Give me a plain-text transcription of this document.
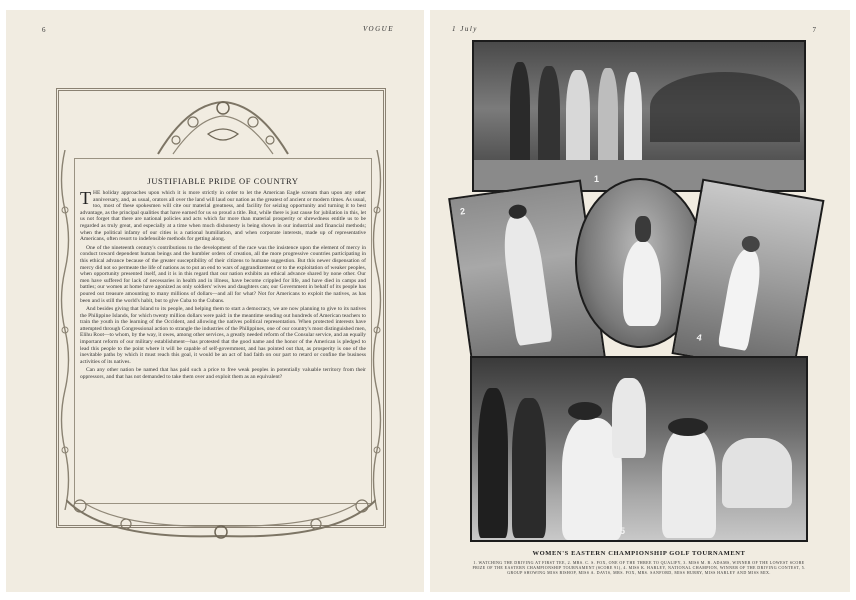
6	VOGUE
JUSTIFIABLE PRIDE OF COUNTRY

THE holiday approaches upon which it is more strictly in order to let the American Eagle scream than upon any other anniversary, and, as usual, orators all over the land will laud our nation as the greatest of ancient or modern times. As usual, too, most of these spokesmen will cite our material greatness, and facility for seizing opportunity and turning it to best advantage, as the principal qualities that have earned for us so proud a title. But, while there is just cause for jubilation in this, let us not forget that there are national policies and acts which far more than material prosperity or shrewdness entitle us to be regarded as truly great, and especially at a time when much dishonesty is being shown in our industrial and financial methods; when the political infamy of our cities is a national humiliation, and when corporate interests, made up of representative Americans, often resort to indefensible methods for getting along.

One of the nineteenth century's contributions to the development of the race was the insistence upon the element of mercy in conduct toward dependent human beings and the humbler orders of creation, all the more progressive countries participating in this ethical advance because of the greater susceptibility of their citizens to humane suggestion. But this newer dispensation of mercy did not so permeate the life of nations as to put an end to wars of aggrandizement or to the exploitation of weaker peoples, when opportunity presented itself, and it is in this regard that our nation exhibits an ethical advance shared by none other. Our men have suffered for lack of necessaries in health and in illness, have become crippled for life, and have died in camps and battles; our women at home have agonized as only soldiers' wives and daughters can; our Government in behalf of its people has poured out treasure amounting to many millions of dollars—and all for what? Not for Americans to exploit the natives, as has been and is still the world's habit, but to give Cuba to the Cubans.

And besides giving that Island to its people, and helping them to start a democracy, we are now planning to give to its natives the Philippine Islands, for which twenty million dollars were paid: in the meantime sending out hundreds of American teachers to train the youth in the learning of the Occident, and allowing the natives political representation. When protected interests have attempted through Congressional action to strangle the industries of the Philippines, one of our country's most distinguished men, Elihu Root—to whom, by the way, it owes, among other services, a greatly needed reform of the Consular service, and an equally important reform of our military establishment—has protested that the good name and the honor of the American is pledged to lead this people to the point where it will be capable of self-government, and has pointed out that, as prosperity is one of the inevitable paths by which it must reach this goal, it would be an act of bad faith on our part to retard or confine the business activities of its natives.

Can any other nation be named that has paid such a price to free weak peoples in potentially valuable territory from their oppressors, and that has not demanded to take them over and exploit them as an equivalent?

1 July	7
1
2
3
4
5
WOMEN'S EASTERN CHAMPIONSHIP GOLF TOURNAMENT

1. WATCHING THE DRIVING AT FIRST TEE, 2. MRS. C. S. FOX, ONE OF THE THREE TO QUALIFY, 3. MISS M. B. ADAMS, WINNER OF THE LOWEST SCORE PRIZE OF THE EASTERN CHAMPIONSHIP TOURNAMENT (SCORE 91), 4. MISS K. HARLEY, NATIONAL CHAMPION, WINNER OF THE DRIVING CONTEST, 5. GROUP SHOWING MISS BISHOP, MISS A. DAVIS, MRS. FOX, MRS. SANFORD, MISS HURRY, MISS HARLEY AND MISS MIX.
